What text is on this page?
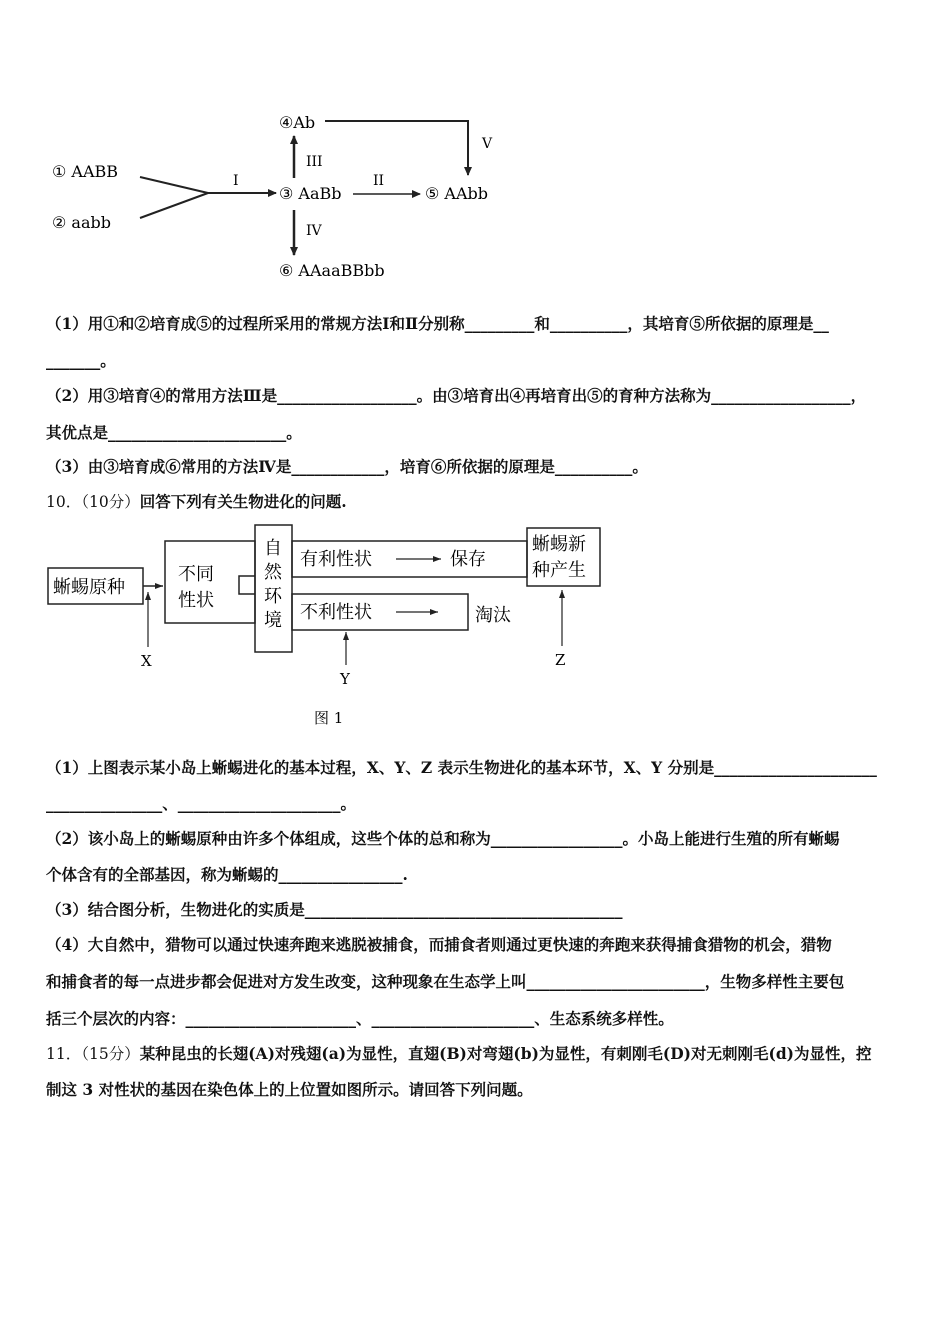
① AABB
② aabb
I
③ AaBb
II
⑤ AAbb
III
④Ab
V
IV
⑥ AAaaBBbb
（1）用①和②培育成⑤的过程所采用的常规方法Ⅰ和Ⅱ分别称_________和__________，其培育⑤所依据的原理是__
_______。
（2）用③培育④的常用方法Ⅲ是__________________。由③培育出④再培育出⑤的育种方法称为__________________，
其优点是_______________________。
（3）由③培育成⑥常用的方法Ⅳ是____________，培育⑥所依据的原理是__________。
10．（10分）回答下列有关生物进化的问题.
蜥蜴原种
不同
性状
自
然
环
境
有利性状	保存
蜥蜴新
种产生
不利性状	淘汰
X
Y
Z
图 1
（1）上图表示某小岛上蜥蜴进化的基本过程，X、Y、Z 表示生物进化的基本环节，X、Y 分别是_____________________
_______________、_____________________。
（2）该小岛上的蜥蜴原种由许多个体组成，这些个体的总和称为_________________。小岛上能进行生殖的所有蜥蜴
个体含有的全部基因，称为蜥蜴的________________.
（3）结合图分析，生物进化的实质是_________________________________________
（4）大自然中，猎物可以通过快速奔跑来逃脱被捕食，而捕食者则通过更快速的奔跑来获得捕食猎物的机会，猎物
和捕食者的每一点进步都会促进对方发生改变，这种现象在生态学上叫_______________________，生物多样性主要包
括三个层次的内容：______________________、_____________________、生态系统多样性。
11．（15分）某种昆虫的长翅(A)对残翅(a)为显性，直翅(B)对弯翅(b)为显性，有刺刚毛(D)对无刺刚毛(d)为显性，控
制这 3 对性状的基因在染色体上的上位置如图所示。请回答下列问题。
